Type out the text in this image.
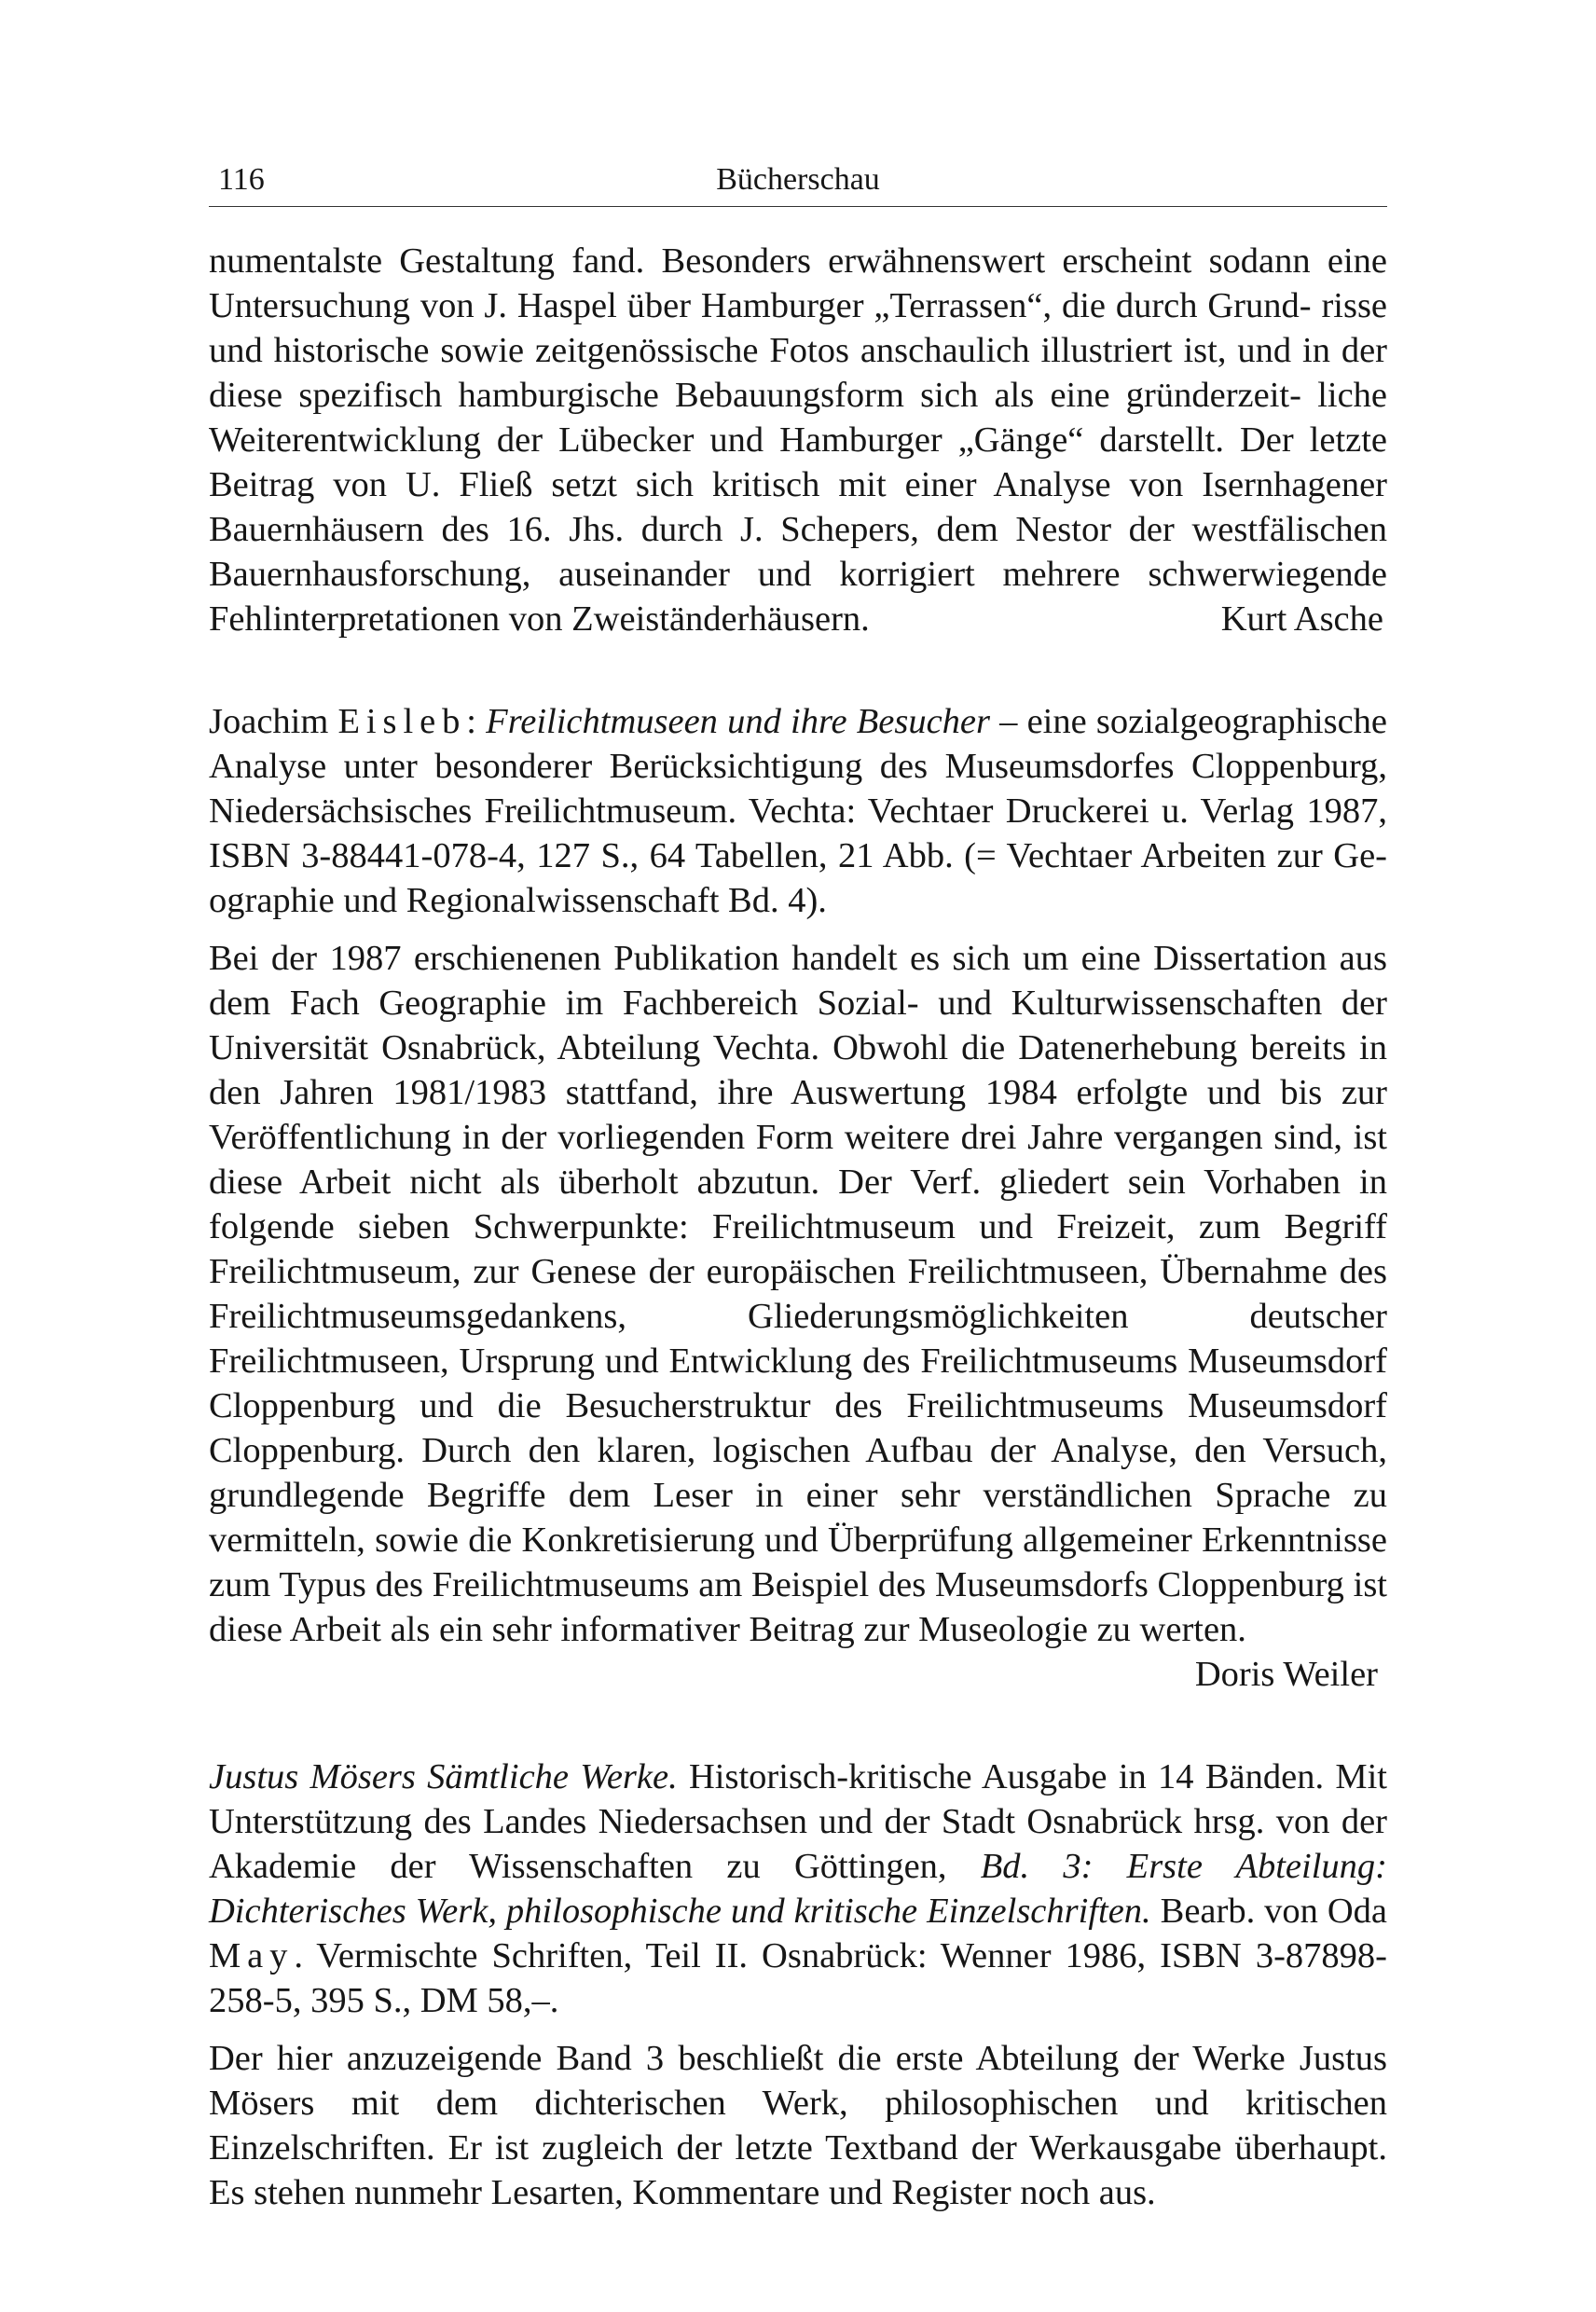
116	Bücherschau

numentalste Gestaltung fand. Besonders erwähnenswert erscheint sodann eine Untersuchung von J. Haspel über Hamburger „Terrassen“, die durch Grund- risse und historische sowie zeitgenössische Fotos anschaulich illustriert ist, und in der diese spezifisch hamburgische Bebauungsform sich als eine gründerzeit- liche Weiterentwicklung der Lübecker und Hamburger „Gänge“ darstellt. Der letzte Beitrag von U. Fließ setzt sich kritisch mit einer Analyse von Isernhagener Bauernhäusern des 16. Jhs. durch J. Schepers, dem Nestor der westfälischen Bauernhausforschung, auseinander und korrigiert mehrere schwerwiegende

Fehlinterpretationen von Zweiständerhäusern.	Kurt Asche

Joachim Eisleb: Freilichtmuseen und ihre Besucher – eine sozialgeographische Analyse unter besonderer Berücksichtigung des Museumsdorfes Cloppenburg, Niedersächsisches Freilichtmuseum. Vechta: Vechtaer Druckerei u. Verlag 1987, ISBN 3-88441-078-4, 127 S., 64 Tabellen, 21 Abb. (= Vechtaer Arbeiten zur Ge- ographie und Regionalwissenschaft Bd. 4).

Bei der 1987 erschienenen Publikation handelt es sich um eine Dissertation aus dem Fach Geographie im Fachbereich Sozial- und Kulturwissenschaften der Universität Osnabrück, Abteilung Vechta. Obwohl die Datenerhebung bereits in den Jahren 1981/1983 stattfand, ihre Auswertung 1984 erfolgte und bis zur Veröffentlichung in der vorliegenden Form weitere drei Jahre vergangen sind, ist diese Arbeit nicht als überholt abzutun. Der Verf. gliedert sein Vorhaben in folgende sieben Schwerpunkte: Freilichtmuseum und Freizeit, zum Begriff Freilichtmuseum, zur Genese der europäischen Freilichtmuseen, Übernahme des Freilichtmuseumsgedankens, Gliederungsmöglichkeiten deutscher Freilichtmuseen, Ursprung und Entwicklung des Freilichtmuseums Museumsdorf Cloppenburg und die Besucherstruktur des Freilichtmuseums Museumsdorf Cloppenburg. Durch den klaren, logischen Aufbau der Analyse, den Versuch, grundlegende Begriffe dem Leser in einer sehr verständlichen Sprache zu vermitteln, sowie die Konkretisierung und Überprüfung allgemeiner Erkenntnisse zum Typus des Freilichtmuseums am Beispiel des Museumsdorfs Cloppenburg ist diese Arbeit als ein sehr informativer Beitrag zur Museologie zu werten.

Doris Weiler

Justus Mösers Sämtliche Werke. Historisch-kritische Ausgabe in 14 Bänden. Mit Unterstützung des Landes Niedersachsen und der Stadt Osnabrück hrsg. von der Akademie der Wissenschaften zu Göttingen, Bd. 3: Erste Abteilung: Dichterisches Werk, philosophische und kritische Einzelschriften. Bearb. von Oda May. Vermischte Schriften, Teil II. Osnabrück: Wenner 1986, ISBN 3-87898-258-5, 395 S., DM 58,–.

Der hier anzuzeigende Band 3 beschließt die erste Abteilung der Werke Justus Mösers mit dem dichterischen Werk, philosophischen und kritischen Einzelschriften. Er ist zugleich der letzte Textband der Werkausgabe überhaupt. Es stehen nunmehr Lesarten, Kommentare und Register noch aus.
